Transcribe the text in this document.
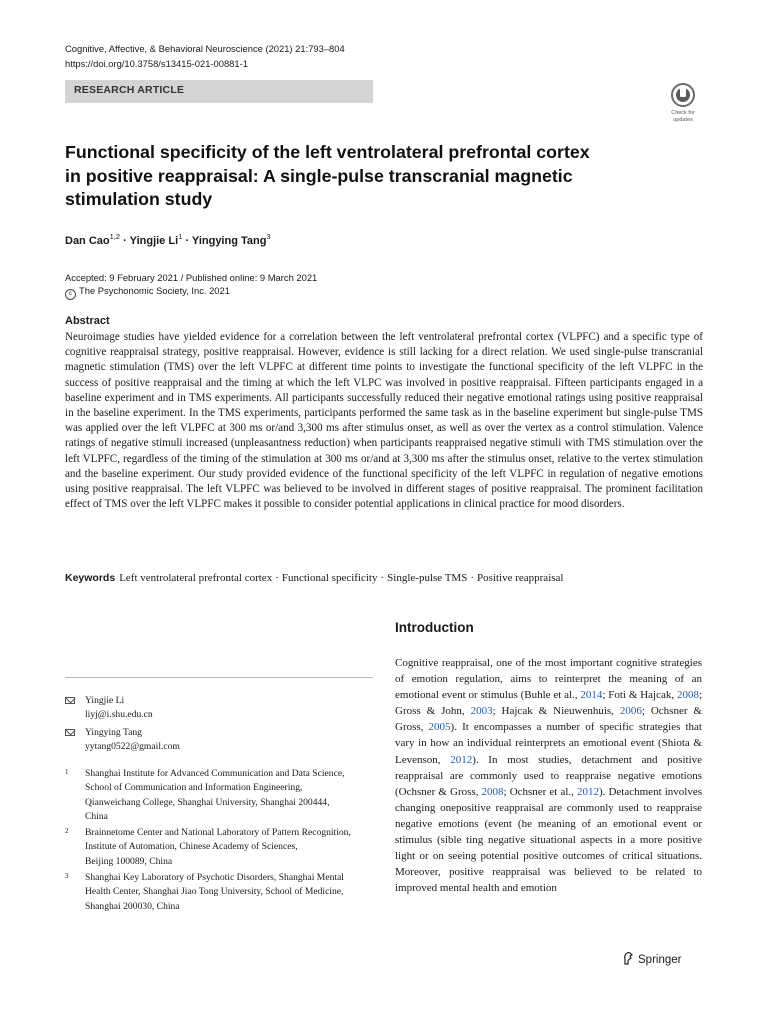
Cognitive, Affective, & Behavioral Neuroscience (2021) 21:793–804
https://doi.org/10.3758/s13415-021-00881-1
RESEARCH ARTICLE
Check for
updates
Functional specificity of the left ventrolateral prefrontal cortex
in positive reappraisal: A single-pulse transcranial magnetic
stimulation study
Dan Cao$^{1,2}$ · Yingjie $Li^1$ · Yingying Tang$^3$
Accepted: 9 February 2021 / Published online: 9 March 2021
c The Psychonomic Society, Inc. 2021
Abstract
Neuroimage studies have yielded evidence for a correlation between the left ventrolateral prefrontal cortex (VLPFC) and a specific type of cognitive reappraisal strategy, positive reappraisal. However, evidence is still lacking for a direct relation. We used single-pulse transcranial magnetic stimulation (TMS) over the left VLPFC at different time points to investigate the functional specificity of the left VLPFC in the success of positive reappraisal and the timing at which the left VLPC was involved in positive reappraisal. Fifteen participants engaged in a baseline experiment and in TMS experiments. All participants successfully reduced their negative emotional ratings using positive reappraisal in the baseline experiment. In the TMS experiments, participants performed the same task as in the baseline experiment but single-pulse TMS was applied over the left VLPFC at 300 ms or/and 3,300 ms after stimulus onset, as well as over the vertex as a control stimulation. Valence ratings of negative stimuli increased (unpleasantness reduction) when participants reappraised negative stimuli with TMS stimulation over the left VLPFC, regardless of the timing of the stimulation at 300 ms or/and at 3,300 ms after the stimulus onset, relative to the vertex stimulation and the baseline experiment. Our study provided evidence of the functional specificity of the left VLPFC in regulation of negative emotions using positive reappraisal. The left VLPFC was believed to be involved in different stages of positive reappraisal. The prominent facilitation effect of TMS over the left VLPFC makes it possible to consider potential applications in clinical practice for mood disorders.
Keywords Left ventrolateral prefrontal cortex · Functional specificity · Single-pulse TMS · Positive reappraisal
Introduction
Cognitive reappraisal, one of the most important cognitive strategies of emotion regulation, aims to reinterpret the meaning of an emotional event or stimulus (Buhle et al., 2014; Foti & Hajcak, 2008; Gross & John, 2003; Hajcak & Nieuwenhuis, 2006; Ochsner & Gross, 2005). It encompasses a number of specific strategies that vary in how an individual reinterprets an emotional event (Shiota & Levenson, 2012). In most studies, detachment and positive reappraisal are commonly used to reappraise negative emotions (Ochsner & Gross, 2008; Ochsner et al., 2012). Detachment involves changing onepositive reappraisal are commonly used to reappraise negative emotions (event (he meaning of an emotional event or stimulus (sible ting negative situational aspects in a more positive light or on seeing potential positive outcomes of critical situations. Moreover, positive reappraisal was believed to be related to improved mental health and emotion
Yingjie Li
liyj@i.shu.edu.cn
Yingying Tang
yytang0522@gmail.com
1 Shanghai Institute for Advanced Communication and Data Science,
School of Communication and Information Engineering,
Qianweichang College, Shanghai University, Shanghai 200444,
China
2 Brainnetome Center and National Laboratory of Pattern Recognition,
Institute of Automation, Chinese Academy of Sciences,
Beijing 100089, China
3 Shanghai Key Laboratory of Psychotic Disorders, Shanghai Mental
Health Center, Shanghai Jiao Tong University, School of Medicine,
Shanghai 200030, China
Springer
